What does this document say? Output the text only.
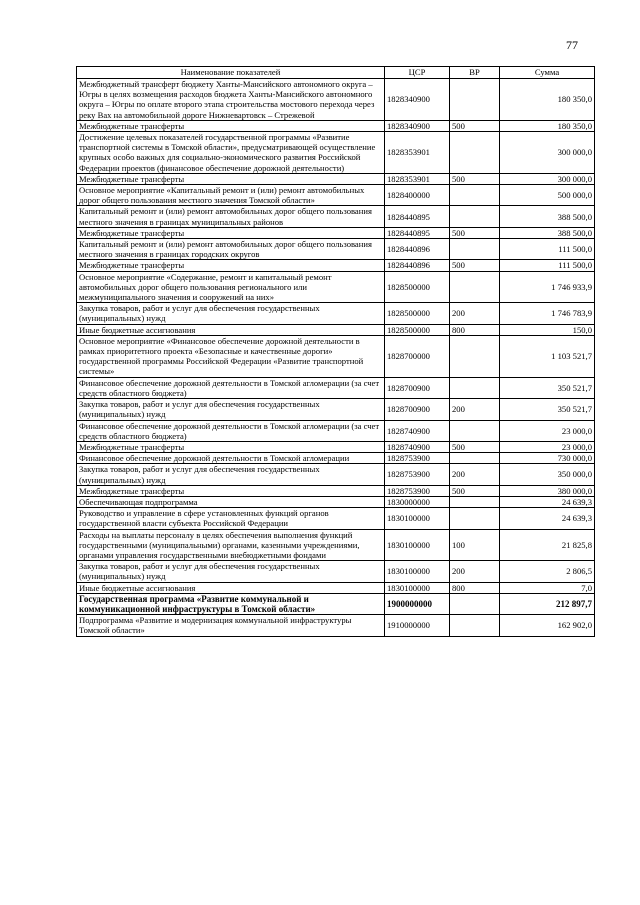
77
Наименование показателей	ЦСР	ВР	Сумма
Межбюджетный трансферт бюджету Ханты-Мансийского автономного округа – Югры в целях возмещения расходов бюджета Ханты-Мансийского автономного округа – Югры по оплате второго этапа строительства мостового перехода через реку Вах на автомобильной дороге Нижневартовск – Стрежевой	1828340900		180 350,0
Межбюджетные трансферты	1828340900	500	180 350,0
Достижение целевых показателей государственной программы «Развитие транспортной системы в Томской области», предусматривающей осуществление крупных особо важных для социально-экономического развития Российской Федерации проектов (финансовое обеспечение дорожной деятельности)	1828353901		300 000,0
Межбюджетные трансферты	1828353901	500	300 000,0
Основное мероприятие «Капитальный ремонт и (или) ремонт автомобильных дорог общего пользования местного значения Томской области»	1828400000		500 000,0
Капитальный ремонт и (или) ремонт автомобильных дорог общего пользования местного значения в границах муниципальных районов	1828440895		388 500,0
Межбюджетные трансферты	1828440895	500	388 500,0
Капитальный ремонт и (или) ремонт автомобильных дорог общего пользования местного значения в границах городских округов	1828440896		111 500,0
Межбюджетные трансферты	1828440896	500	111 500,0
Основное мероприятие «Содержание, ремонт и капитальный ремонт автомобильных дорог общего пользования регионального или межмуниципального значения и сооружений на них»	1828500000		1 746 933,9
Закупка товаров, работ и услуг для обеспечения государственных (муниципальных) нужд	1828500000	200	1 746 783,9
Иные бюджетные ассигнования	1828500000	800	150,0
Основное мероприятие «Финансовое обеспечение дорожной деятельности в рамках приоритетного проекта «Безопасные и качественные дороги» государственной программы Российской Федерации «Развитие транспортной системы»	1828700000		1 103 521,7
Финансовое обеспечение дорожной деятельности в Томской агломерации (за счет средств областного бюджета)	1828700900		350 521,7
Закупка товаров, работ и услуг для обеспечения государственных (муниципальных) нужд	1828700900	200	350 521,7
Финансовое обеспечение дорожной деятельности в Томской агломерации (за счет средств областного бюджета)	1828740900		23 000,0
Межбюджетные трансферты	1828740900	500	23 000,0
Финансовое обеспечение дорожной деятельности в Томской агломерации	1828753900		730 000,0
Закупка товаров, работ и услуг для обеспечения государственных (муниципальных) нужд	1828753900	200	350 000,0
Межбюджетные трансферты	1828753900	500	380 000,0
Обеспечивающая подпрограмма	1830000000		24 639,3
Руководство и управление в сфере установленных функций органов государственной власти субъекта Российской Федерации	1830100000		24 639,3
Расходы на выплаты персоналу в целях обеспечения выполнения функций государственными (муниципальными) органами, казенными учреждениями, органами управления государственными внебюджетными фондами	1830100000	100	21 825,8
Закупка товаров, работ и услуг для обеспечения государственных (муниципальных) нужд	1830100000	200	2 806,5
Иные бюджетные ассигнования	1830100000	800	7,0
Государственная программа «Развитие коммунальной и коммуникационной инфраструктуры в Томской области»	1900000000		212 897,7
Подпрограмма «Развитие и модернизация коммунальной инфраструктуры Томской области»	1910000000		162 902,0
